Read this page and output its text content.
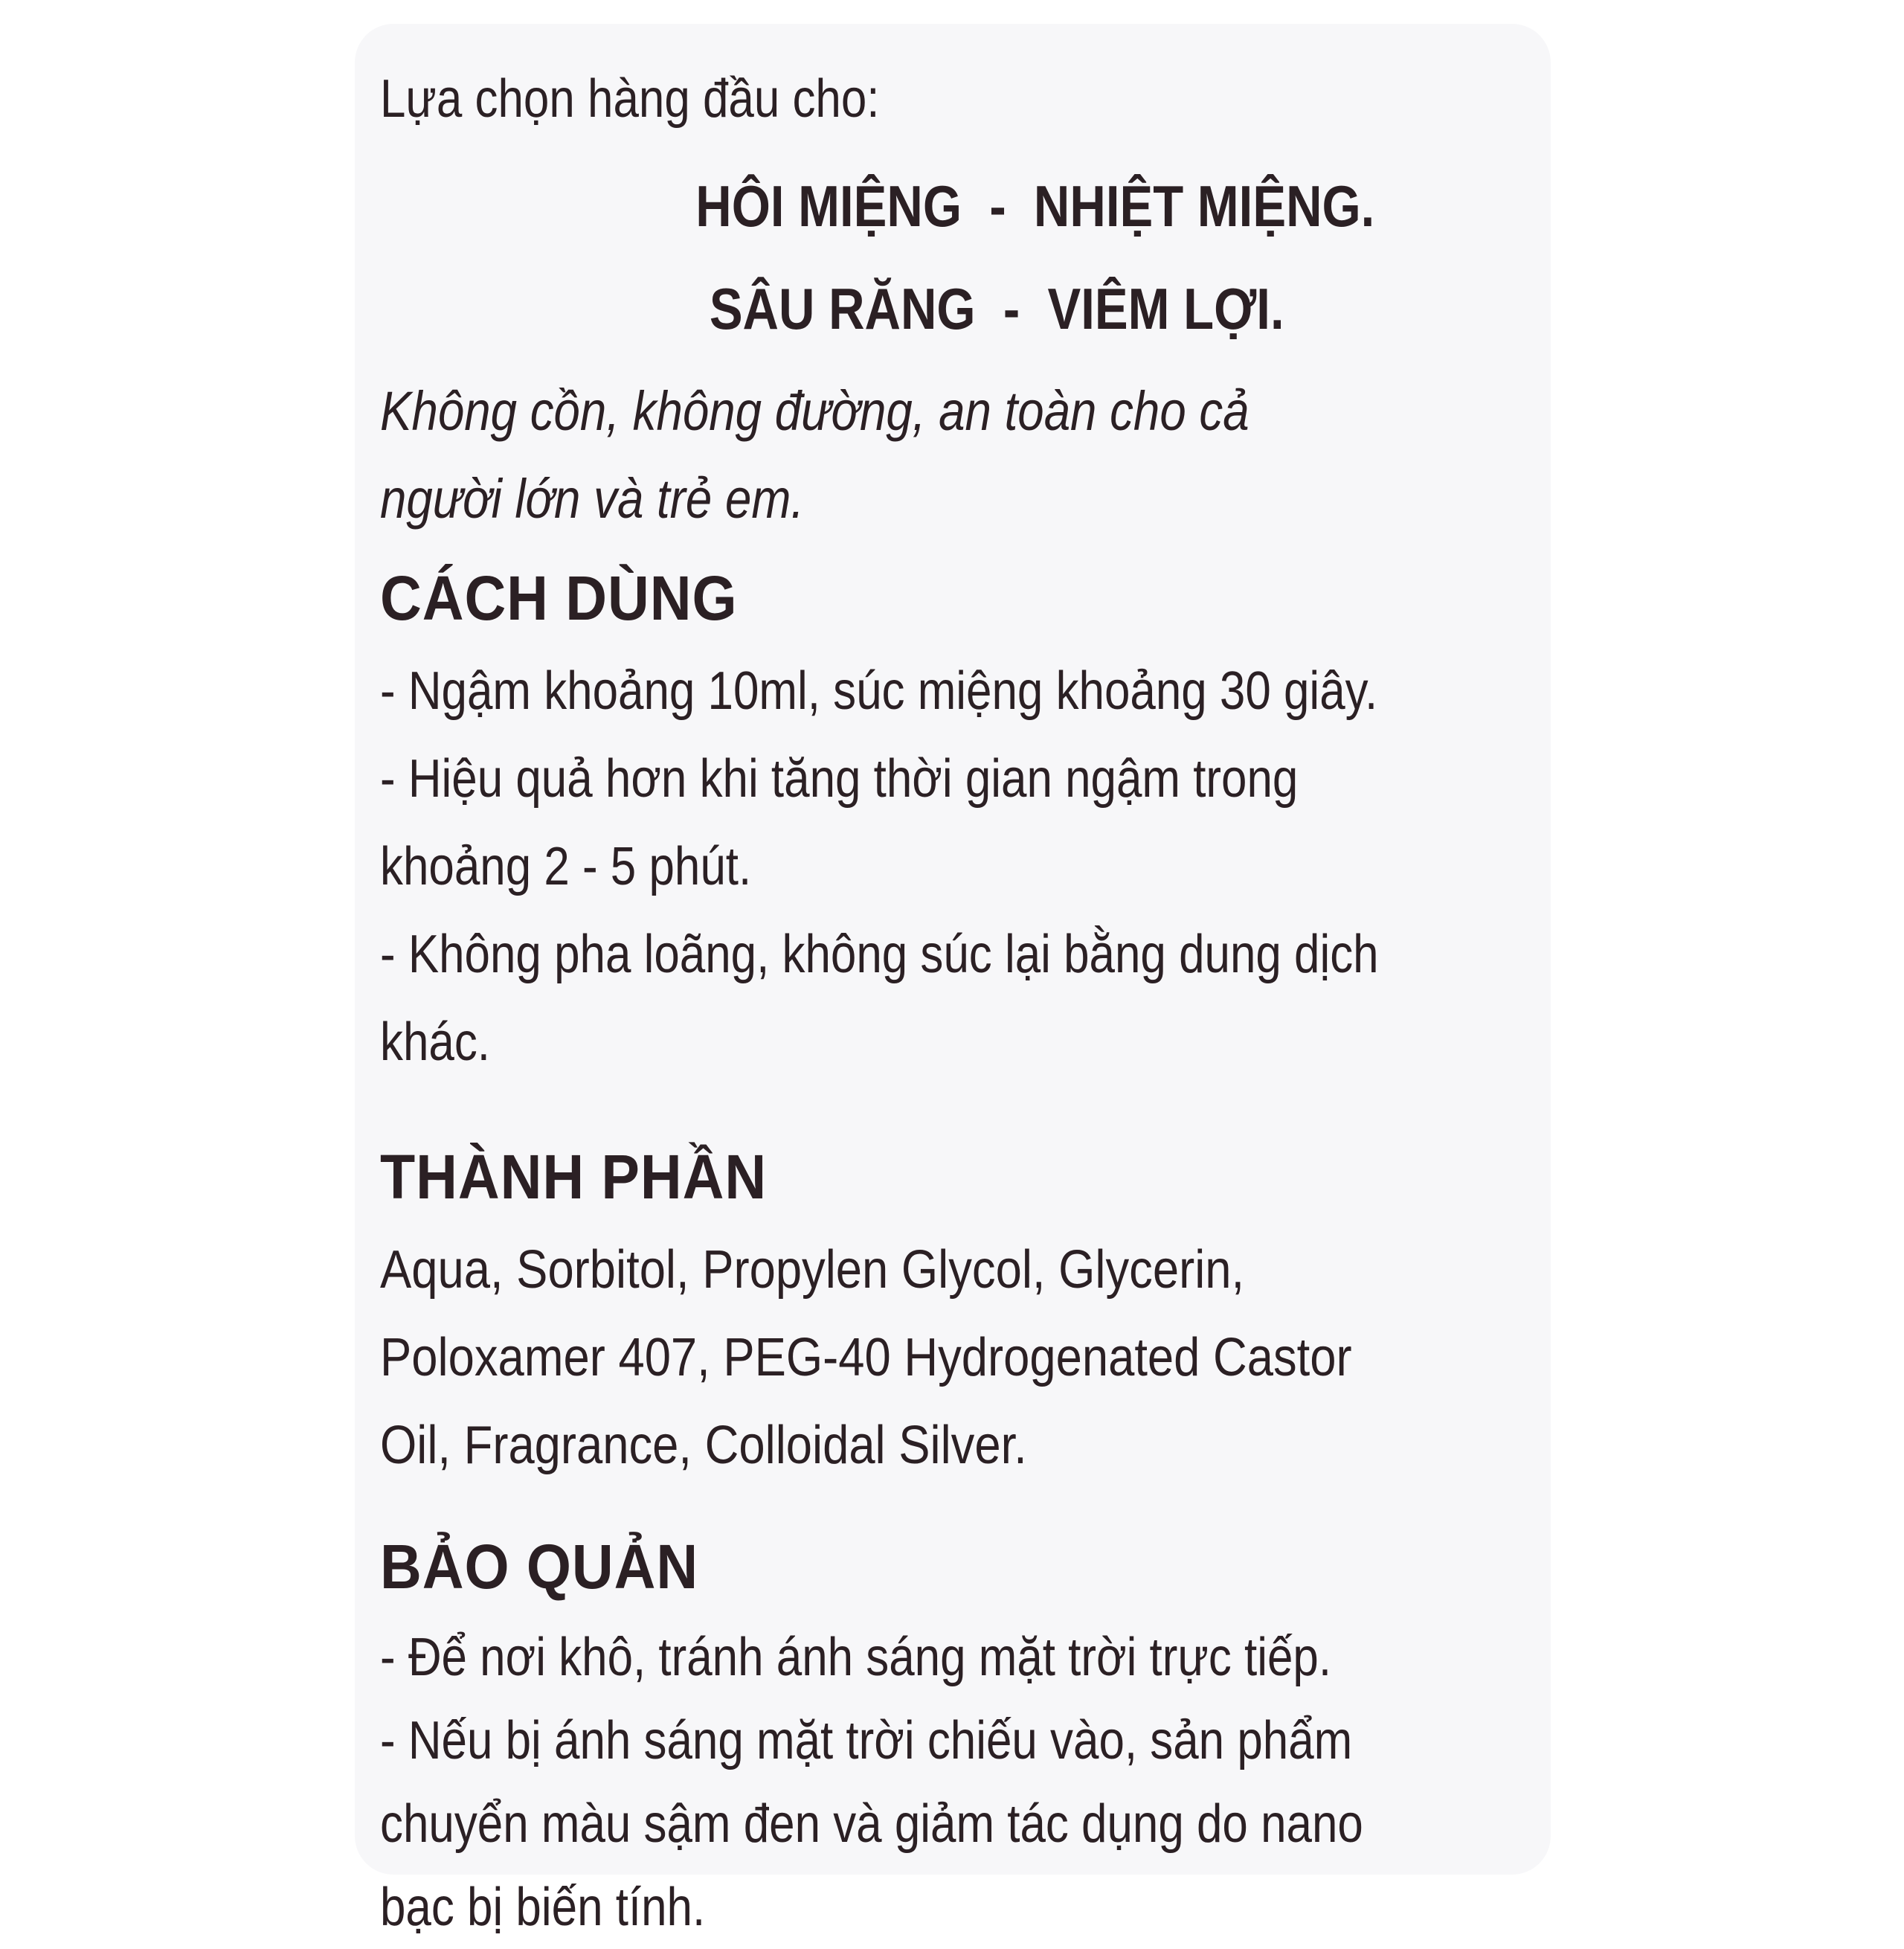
Lựa chọn hàng đầu cho:

HÔI MIỆNG  -  NHIỆT MIỆNG.
SÂU RĂNG  -  VIÊM LỢI.
Không cồn, không đường, an toàn cho cả
người lớn và trẻ em.
CÁCH DÙNG
- Ngậm khoảng 10ml, súc miệng khoảng 30 giây.
- Hiệu quả hơn khi tăng thời gian ngậm trong
khoảng 2 - 5 phút.
- Không pha loãng, không súc lại bằng dung dịch
khác.
THÀNH PHẦN
Aqua, Sorbitol, Propylen Glycol, Glycerin,
Poloxamer 407, PEG-40 Hydrogenated Castor
Oil, Fragrance, Colloidal Silver.
BẢO QUẢN
- Để nơi khô, tránh ánh sáng mặt trời trực tiếp.
- Nếu bị ánh sáng mặt trời chiếu vào, sản phẩm
chuyển màu sậm đen và giảm tác dụng do nano
bạc bị biến tính.
